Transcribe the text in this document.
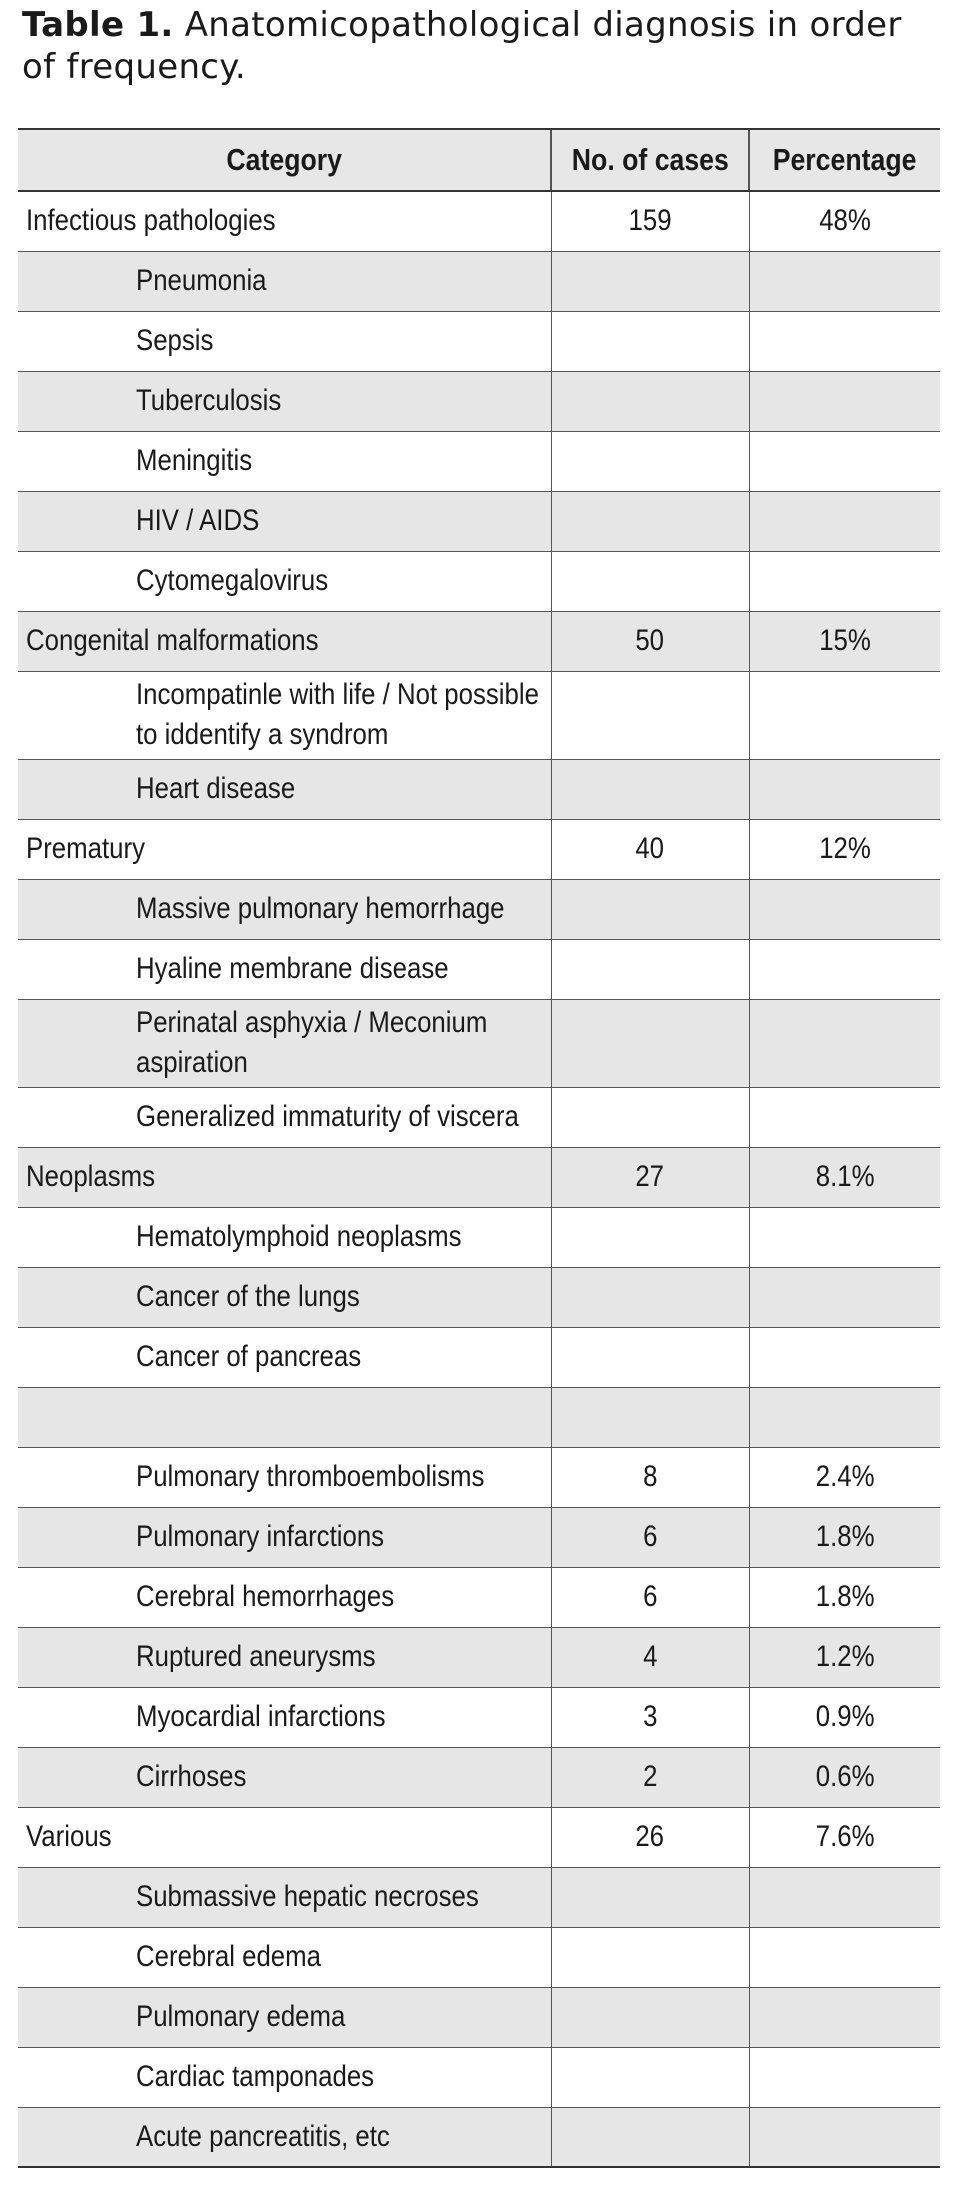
Table 1. Anatomicopathological diagnosis in order of frequency.
Category	No. of cases	Percentage
Infectious pathologies	159	48%
Pneumonia		
Sepsis		
Tuberculosis		
Meningitis		
HIV / AIDS		
Cytomegalovirus		
Congenital malformations	50	15%

Incompatinle with life / Not possible to iddentify a syndrom		

Heart disease		
Prematury	40	12%
Massive pulmonary hemorrhage		
Hyaline membrane disease		

Perinatal asphyxia / Meconium aspiration		

Generalized immaturity of viscera		
Neoplasms	27	8.1%
Hematolymphoid neoplasms		
Cancer of the lungs		
Cancer of pancreas		

Pulmonary thromboembolisms	8	2.4%
Pulmonary infarctions	6	1.8%
Cerebral hemorrhages	6	1.8%
Ruptured aneurysms	4	1.2%
Myocardial infarctions	3	0.9%
Cirrhoses	2	0.6%
Various	26	7.6%
Submassive hepatic necroses		
Cerebral edema		
Pulmonary edema		
Cardiac tamponades		
Acute pancreatitis, etc		
